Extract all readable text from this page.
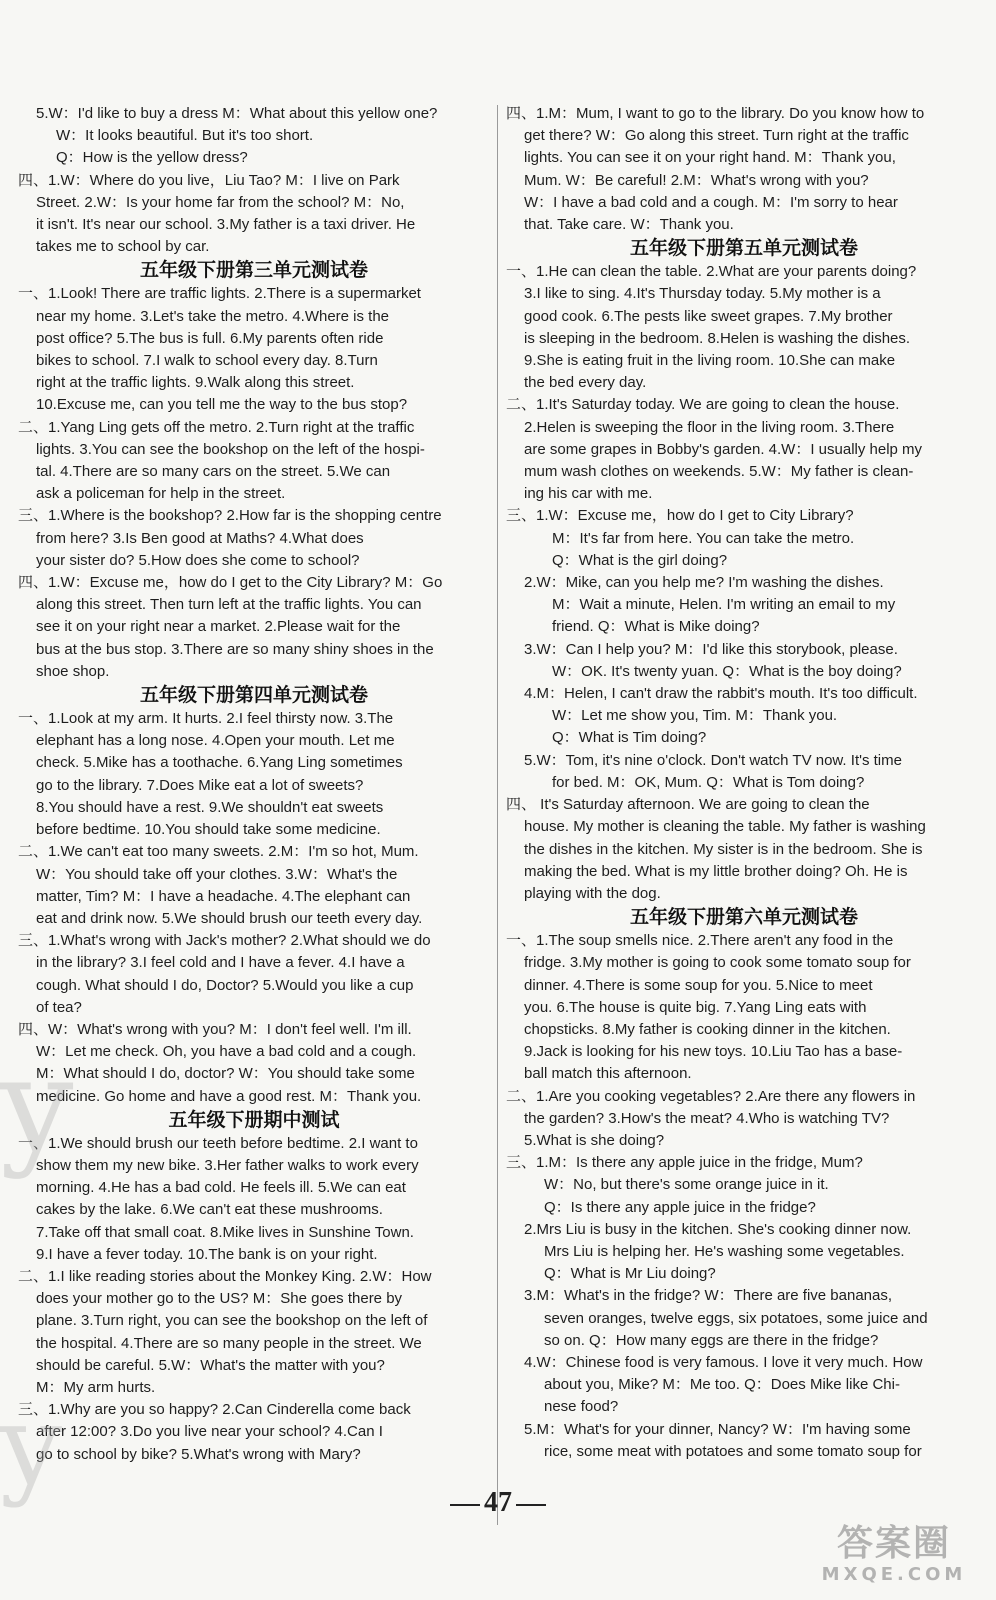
5.W：I'd like to buy a dress M：What about this yellow one?
W：It looks beautiful. But it's too short.
Q：How is the yellow dress?
四、1.W：Where do you live，Liu Tao? M：I live on Park
Street. 2.W：Is your home far from the school? M：No,
it isn't. It's near our school. 3.My father is a taxi driver. He
takes me to school by car.
五年级下册第三单元测试卷
一、1.Look! There are traffic lights. 2.There is a supermarket
near my home. 3.Let's take the metro. 4.Where is the
post office? 5.The bus is full. 6.My parents often ride
bikes to school. 7.I walk to school every day. 8.Turn
right at the traffic lights. 9.Walk along this street.
10.Excuse me, can you tell me the way to the bus stop?
二、1.Yang Ling gets off the metro. 2.Turn right at the traffic
lights. 3.You can see the bookshop on the left of the hospi-
tal. 4.There are so many cars on the street. 5.We can
ask a policeman for help in the street.
三、1.Where is the bookshop? 2.How far is the shopping centre
from here? 3.Is Ben good at Maths? 4.What does
your sister do? 5.How does she come to school?
四、1.W：Excuse me，how do I get to the City Library? M：Go
along this street. Then turn left at the traffic lights. You can
see it on your right near a market. 2.Please wait for the
bus at the bus stop. 3.There are so many shiny shoes in the
shoe shop.
五年级下册第四单元测试卷
一、1.Look at my arm. It hurts. 2.I feel thirsty now. 3.The
elephant has a long nose. 4.Open your mouth. Let me
check. 5.Mike has a toothache. 6.Yang Ling sometimes
go to the library. 7.Does Mike eat a lot of sweets?
8.You should have a rest. 9.We shouldn't eat sweets
before bedtime. 10.You should take some medicine.
二、1.We can't eat too many sweets. 2.M：I'm so hot, Mum.
W：You should take off your clothes. 3.W：What's the
matter, Tim? M：I have a headache. 4.The elephant can
eat and drink now. 5.We should brush our teeth every day.
三、1.What's wrong with Jack's mother? 2.What should we do
in the library? 3.I feel cold and I have a fever. 4.I have a
cough. What should I do, Doctor? 5.Would you like a cup
of tea?
四、W：What's wrong with you? M：I don't feel well. I'm ill.
W：Let me check. Oh, you have a bad cold and a cough.
M：What should I do, doctor? W：You should take some
medicine. Go home and have a good rest. M：Thank you.
五年级下册期中测试
一、1.We should brush our teeth before bedtime. 2.I want to
show them my new bike. 3.Her father walks to work every
morning. 4.He has a bad cold. He feels ill. 5.We can eat
cakes by the lake. 6.We can't eat these mushrooms.
7.Take off that small coat. 8.Mike lives in Sunshine Town.
9.I have a fever today. 10.The bank is on your right.
二、1.I like reading stories about the Monkey King. 2.W：How
does your mother go to the US? M：She goes there by
plane. 3.Turn right, you can see the bookshop on the left of
the hospital. 4.There are so many people in the street. We
should be careful. 5.W：What's the matter with you?
M：My arm hurts.
三、1.Why are you so happy? 2.Can Cinderella come back
after 12:00? 3.Do you live near your school? 4.Can I
go to school by bike? 5.What's wrong with Mary?
四、1.M：Mum, I want to go to the library. Do you know how to
get there? W：Go along this street. Turn right at the traffic
lights. You can see it on your right hand. M：Thank you,
Mum. W：Be careful! 2.M：What's wrong with you?
W：I have a bad cold and a cough. M：I'm sorry to hear
that. Take care. W：Thank you.
五年级下册第五单元测试卷
一、1.He can clean the table. 2.What are your parents doing?
3.I like to sing. 4.It's Thursday today. 5.My mother is a
good cook. 6.The pests like sweet grapes. 7.My brother
is sleeping in the bedroom. 8.Helen is washing the dishes.
9.She is eating fruit in the living room. 10.She can make
the bed every day.
二、1.It's Saturday today. We are going to clean the house.
2.Helen is sweeping the floor in the living room. 3.There
are some grapes in Bobby's garden. 4.W：I usually help my
mum wash clothes on weekends. 5.W：My father is clean-
ing his car with me.
三、1.W：Excuse me，how do I get to City Library?
M：It's far from here. You can take the metro.
Q：What is the girl doing?
2.W：Mike, can you help me? I'm washing the dishes.
M：Wait a minute, Helen. I'm writing an email to my
friend. Q：What is Mike doing?
3.W：Can I help you? M：I'd like this storybook, please.
W：OK. It's twenty yuan. Q：What is the boy doing?
4.M：Helen, I can't draw the rabbit's mouth. It's too difficult.
W：Let me show you, Tim. M：Thank you.
Q：What is Tim doing?
5.W：Tom, it's nine o'clock. Don't watch TV now. It's time
for bed. M：OK, Mum. Q：What is Tom doing?
四、 It's Saturday afternoon. We are going to clean the
house. My mother is cleaning the table. My father is washing
the dishes in the kitchen. My sister is in the bedroom. She is
making the bed. What is my little brother doing? Oh. He is
playing with the dog.
五年级下册第六单元测试卷
一、1.The soup smells nice. 2.There aren't any food in the
fridge. 3.My mother is going to cook some tomato soup for
dinner. 4.There is some soup for you. 5.Nice to meet
you. 6.The house is quite big. 7.Yang Ling eats with
chopsticks. 8.My father is cooking dinner in the kitchen.
9.Jack is looking for his new toys. 10.Liu Tao has a base-
ball match this afternoon.
二、1.Are you cooking vegetables? 2.Are there any flowers in
the garden? 3.How's the meat? 4.Who is watching TV?
5.What is she doing?
三、1.M：Is there any apple juice in the fridge, Mum?
W：No, but there's some orange juice in it.
Q：Is there any apple juice in the fridge?
2.Mrs Liu is busy in the kitchen. She's cooking dinner now.
Mrs Liu is helping her. He's washing some vegetables.
Q：What is Mr Liu doing?
3.M：What's in the fridge? W：There are five bananas,
seven oranges, twelve eggs, six potatoes, some juice and
so on. Q：How many eggs are there in the fridge?
4.W：Chinese food is very famous. I love it very much. How
about you, Mike? M：Me too. Q：Does Mike like Chi-
nese food?
5.M：What's for your dinner, Nancy? W：I'm having some
rice, some meat with potatoes and some tomato soup for
47
y
y
答案圈
MXQE.COM
